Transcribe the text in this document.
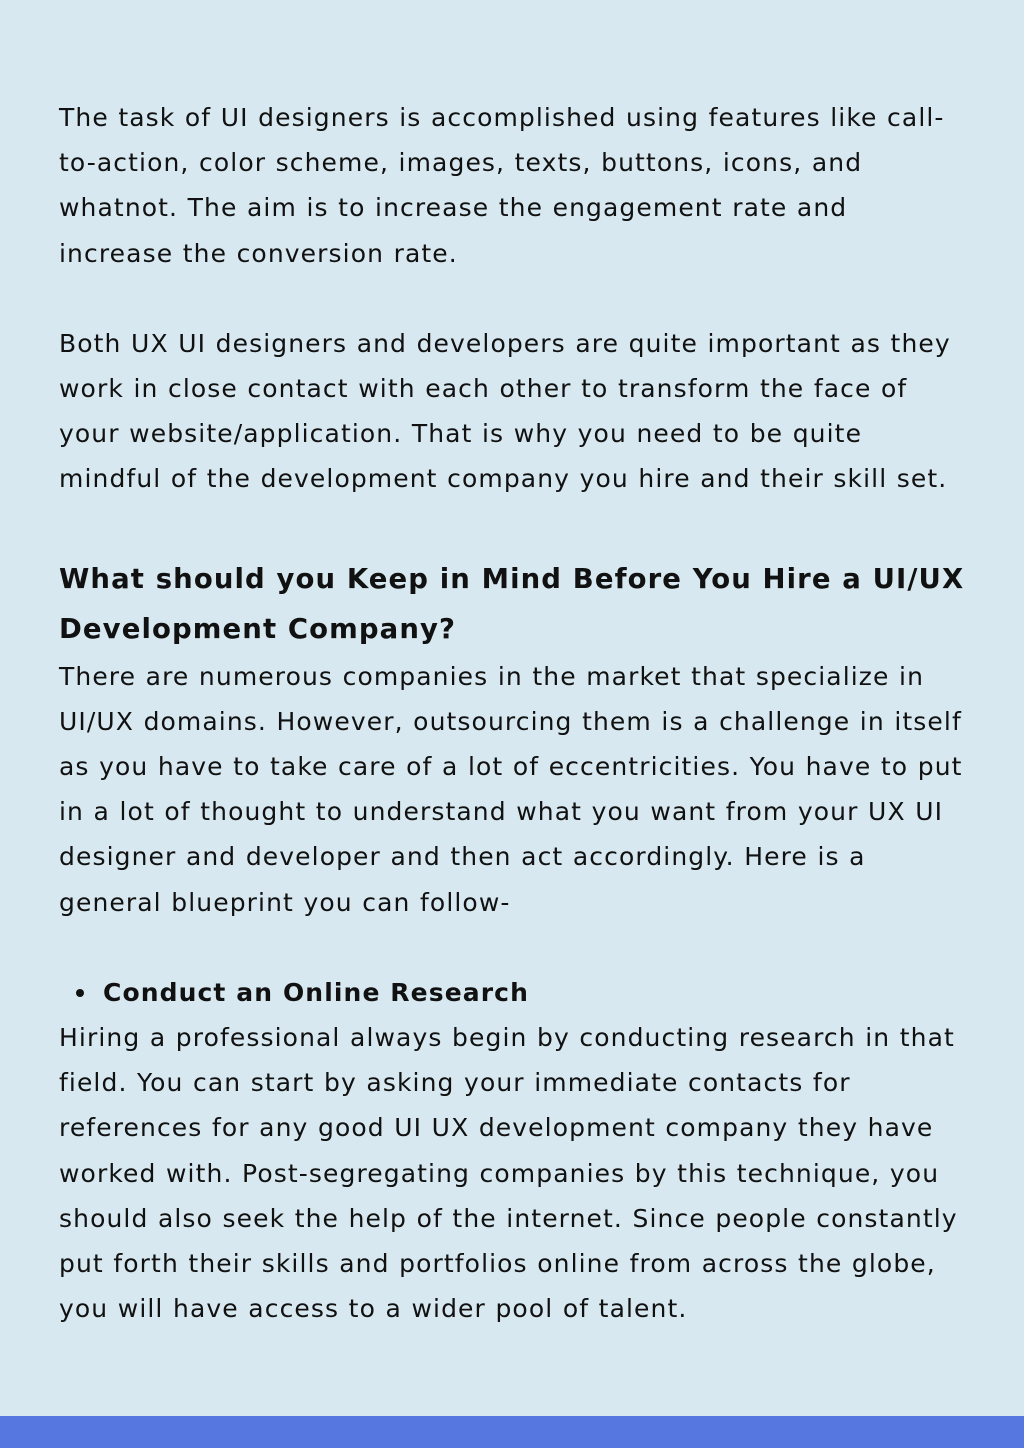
The task of UI designers is accomplished using features like call-to-action, color scheme, images, texts, buttons, icons, and whatnot. The aim is to increase the engagement rate and increase the conversion rate.

Both UX UI designers and developers are quite important as they work in close contact with each other to transform the face of your website/application. That is why you need to be quite mindful of the development company you hire and their skill set.

What should you Keep in Mind Before You Hire a UI/UX Development Company?

There are numerous companies in the market that specialize in UI/UX domains. However, outsourcing them is a challenge in itself as you have to take care of a lot of eccentricities. You have to put in a lot of thought to understand what you want from your UX UI designer and developer and then act accordingly. Here is a general blueprint you can follow-

Conduct an Online Research

Hiring a professional always begin by conducting research in that field. You can start by asking your immediate contacts for references for any good UI UX development company they have worked with. Post-segregating companies by this technique, you should also seek the help of the internet. Since people constantly put forth their skills and portfolios online from across the globe, you will have access to a wider pool of talent.
